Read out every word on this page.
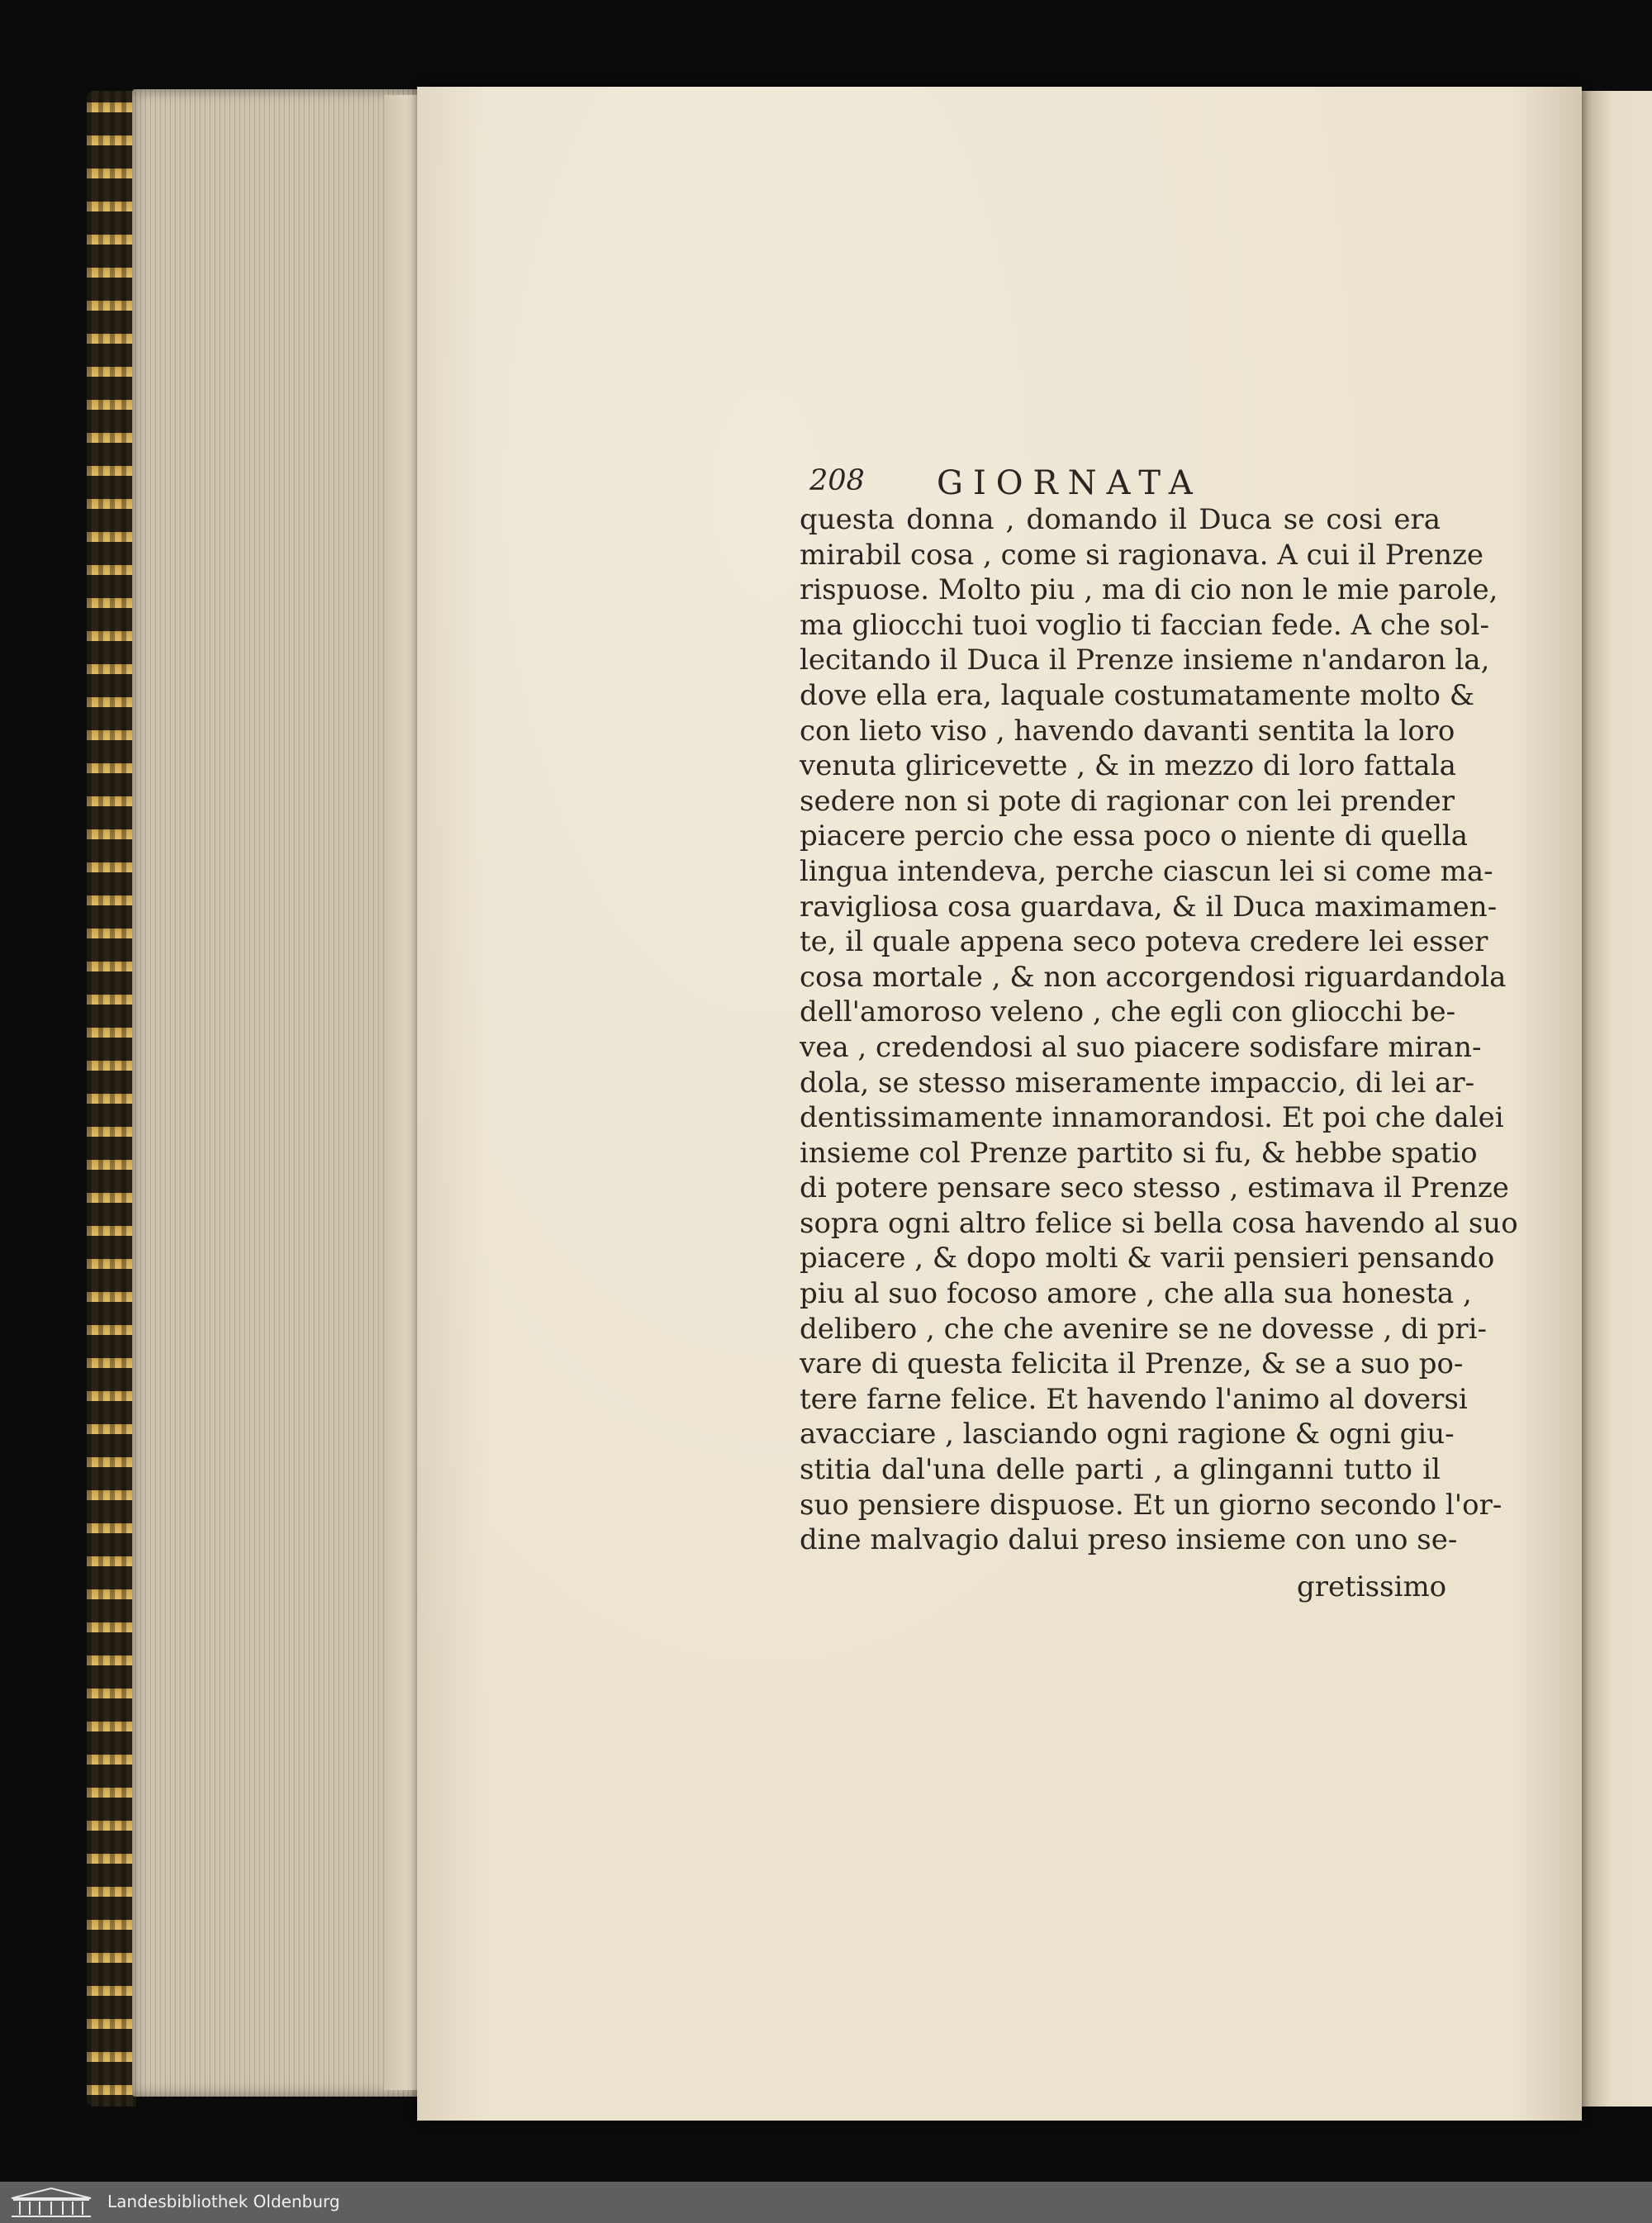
208 GIORNATA
questa donna , domando il Duca se cosi era
mirabil cosa , come si ragionava. A cui il Prenze
rispuose. Molto piu , ma di cio non le mie parole,
ma gliocchi tuoi voglio ti faccian fede. A che sol-
lecitando il Duca il Prenze insieme n'andaron la,
dove ella era, laquale costumatamente molto &
con lieto viso , havendo davanti sentita la loro
venuta gliricevette , & in mezzo di loro fattala
sedere non si pote di ragionar con lei prender
piacere percio che essa poco o niente di quella
lingua intendeva, perche ciascun lei si come ma-
ravigliosa cosa guardava, & il Duca maximamen-
te, il quale appena seco poteva credere lei esser
cosa mortale , & non accorgendosi riguardandola
dell'amoroso veleno , che egli con gliocchi be-
vea , credendosi al suo piacere sodisfare miran-
dola, se stesso miseramente impaccio, di lei ar-
dentissimamente innamorandosi. Et poi che dalei
insieme col Prenze partito si fu, & hebbe spatio
di potere pensare seco stesso , estimava il Prenze
sopra ogni altro felice si bella cosa havendo al suo
piacere , & dopo molti & varii pensieri pensando
piu al suo focoso amore , che alla sua honesta ,
delibero , che che avenire se ne dovesse , di pri-
vare di questa felicita il Prenze, & se a suo po-
tere farne felice. Et havendo l'animo al doversi
avacciare , lasciando ogni ragione & ogni giu-
stitia dal'una delle parti , a glinganni tutto il
suo pensiere dispuose. Et un giorno secondo l'or-
dine malvagio dalui preso insieme con uno se-
gretissimo
Landesbibliothek Oldenburg
